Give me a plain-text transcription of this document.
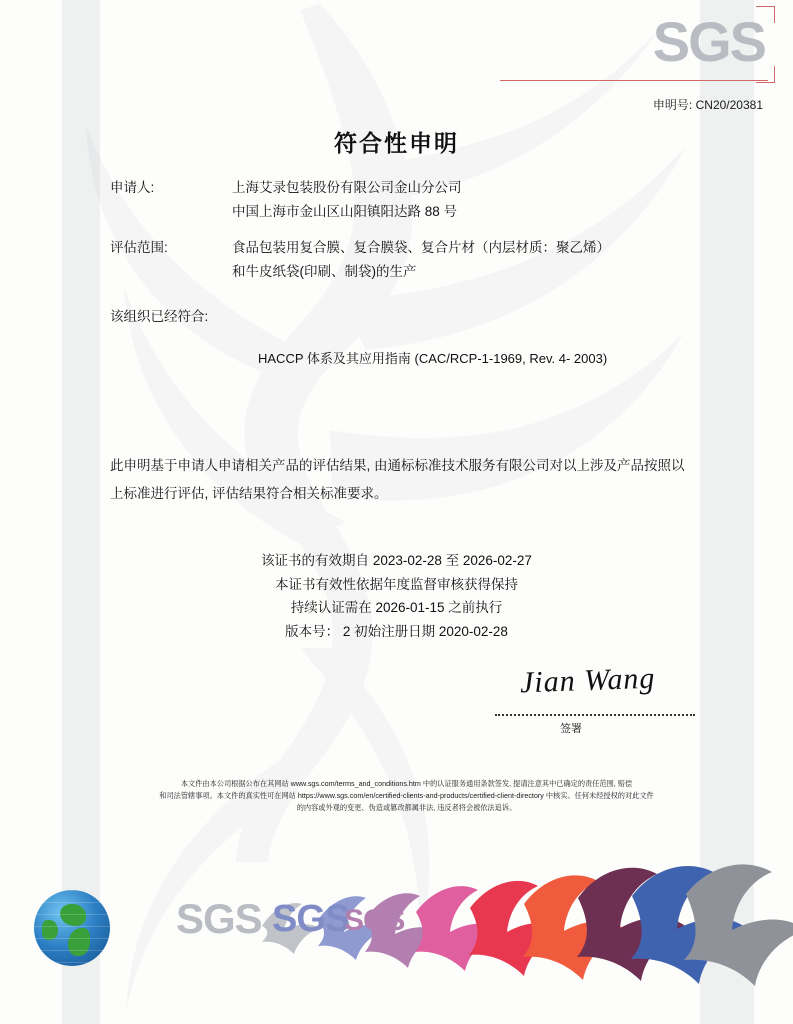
SGS
申明号: CN20/20381
符合性申明
申请人:	上海艾录包装股份有限公司金山分公司
中国上海市金山区山阳镇阳达路 88 号
评估范围:	食品包装用复合膜、复合膜袋、复合片材（内层材质：聚乙烯）
和牛皮纸袋(印刷、制袋)的生产
该组织已经符合:
HACCP 体系及其应用指南 (CAC/RCP-1-1969, Rev. 4- 2003)
此申明基于申请人申请相关产品的评估结果, 由通标标准技术服务有限公司对以上涉及产品按照以上标准进行评估, 评估结果符合相关标准要求。
该证书的有效期自 2023-02-28 至 2026-02-27
本证书有效性依据年度监督审核获得保持
持续认证需在 2026-01-15 之前执行
版本号： 2 初始注册日期 2020-02-28
Jian Wang
签署
本文件由本公司根据公布在其网站 www.sgs.com/terms_and_conditions.htm 中的认证服务通用条款签发, 提请注意其中已确定的责任范围, 赔偿
和司法管辖事项。本文件的真实性可在网站 https://www.sgs.com/en/certified-clients-and-products/certified-client-directory 中核实。任何未经授权的对此文件
的内容或外观的变更、伪造或篡改都属非法, 违反者将会被依法追诉。
SGS SGS
SGS
